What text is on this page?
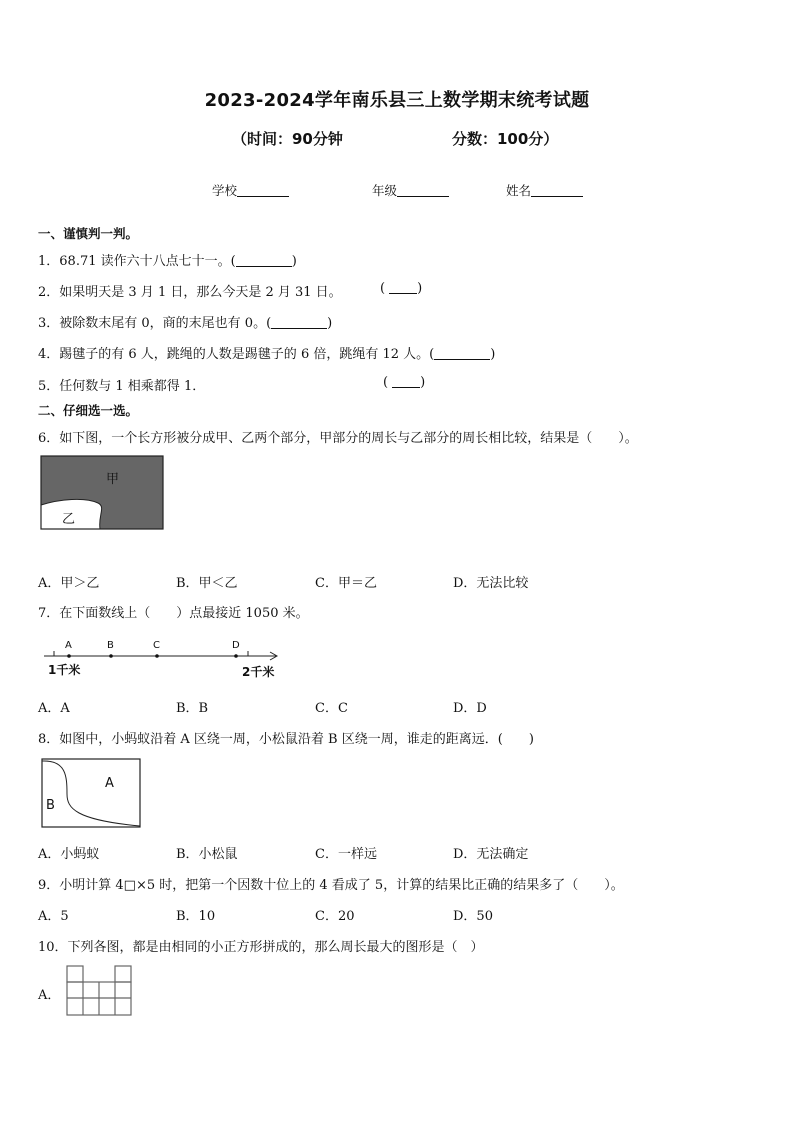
2023-2024学年南乐县三上数学期末统考试题
（时间：90分钟	分数：100分）
学校	年级	姓名
一、谨慎判一判。
1．68.71 读作六十八点七十一。(	)
2．如果明天是 3 月 1 日，那么今天是 2 月 31 日。	( )
3．被除数末尾有 0，商的末尾也有 0。(	)
4．踢毽子的有 6 人，跳绳的人数是踢毽子的 6 倍，跳绳有 12 人。(	)
5．任何数与 1 相乘都得 1．	( )
二、仔细选一选。
6．如下图，一个长方形被分成甲、乙两个部分，甲部分的周长与乙部分的周长相比较，结果是（　　）。
甲
乙
A．甲＞乙	B．甲＜乙	C．甲＝乙	D．无法比较
7．在下面数线上（　　）点最接近 1050 米。
A	B	C	D
1千米	2千米
A．A	B．B	C．C	D．D
8．如图中，小蚂蚁沿着 A 区绕一周，小松鼠沿着 B 区绕一周，谁走的距离远．(　　)
A
B
A．小蚂蚁	B．小松鼠	C．一样远	D．无法确定
9．小明计算 4□×5 时，把第一个因数十位上的 4 看成了 5，计算的结果比正确的结果多了（　　）。
A．5	B．10	C．20	D．50
10．下列各图，都是由相同的小正方形拼成的，那么周长最大的图形是（　）
A．
